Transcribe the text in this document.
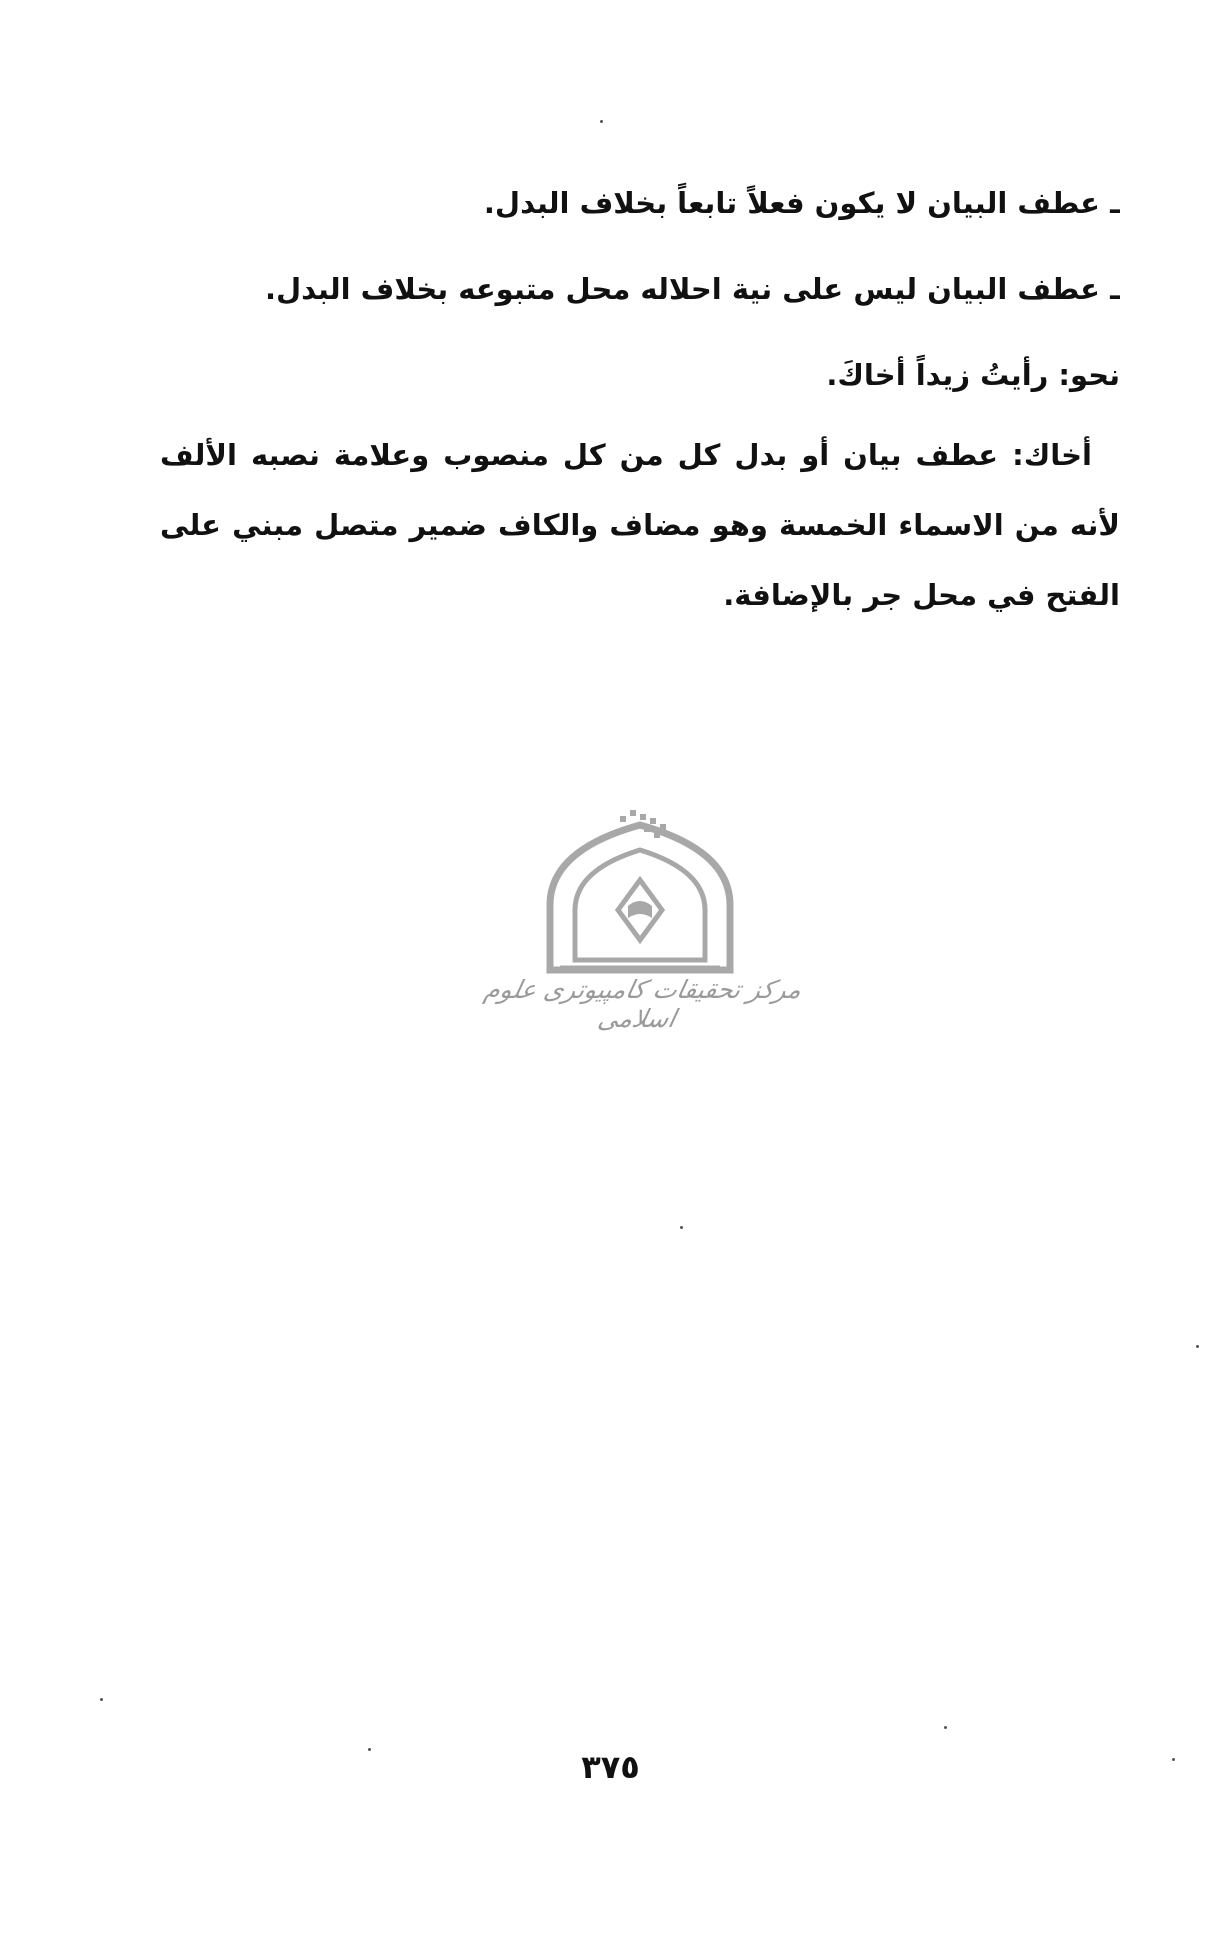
ـ عطف البيان لا يكون فعلاً تابعاً بخلاف البدل.
ـ عطف البيان ليس على نية احلاله محل متبوعه بخلاف البدل.
نحو: رأيتُ زيداً أخاكَ.
أخاك: عطف بيان أو بدل كل من كل منصوب وعلامة نصبه الألف لأنه من الاسماء الخمسة وهو مضاف والكاف ضمير متصل مبني على الفتح في محل جر بالإضافة.
مرکز تحقیقات کامپیوتری علوم اسلامی
٣٧٥
